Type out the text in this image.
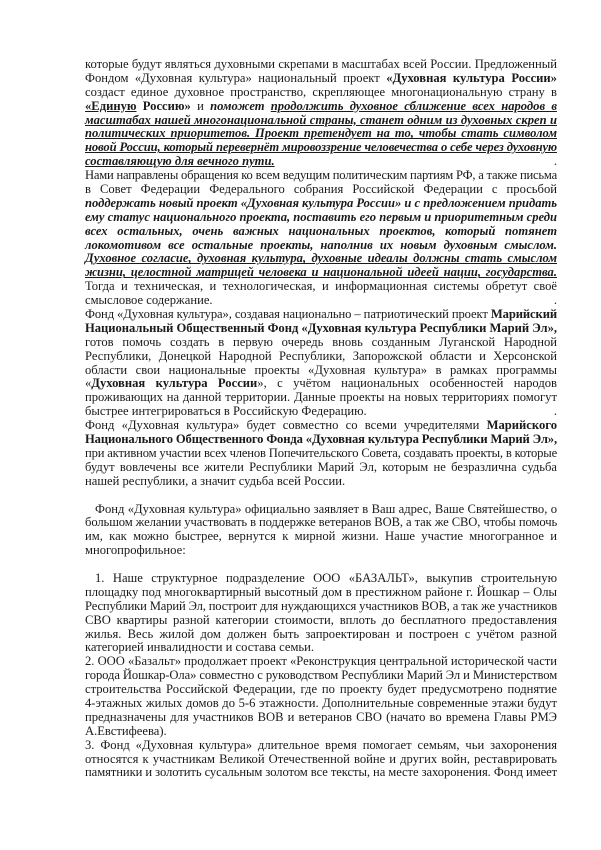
которые будут являться духовными скрепами в масштабах всей России. Предложенный
Фондом «Духовная культура» национальный проект «Духовная культура России»
создаст единое духовное пространство, скрепляющее многонациональную страну в
«Единую Россию» и поможет продолжить духовное сближение всех народов в
масштабах нашей многонациональной страны, станет одним из духовных скреп и
политических приоритетов. Проект претендует на то, чтобы стать символом
новой России, который перевернёт мировоззрение человечества о себе через духовную
составляющую для вечного пути.	.
Нами направлены обращения ко всем ведущим политическим партиям РФ, а также письма
в Совет Федерации Федерального собрания Российской Федерации с просьбой
поддержать новый проект «Духовная культура России» и с предложением придать
ему статус национального проекта, поставить его первым и приоритетным среди
всех остальных, очень важных национальных проектов, который потянет
локомотивом все остальные проекты, наполнив их новым духовным смыслом.
Духовное согласие, духовная культура, духовные идеалы должны стать смыслом
жизни, целостной матрицей человека и национальной идеей нации, государства.
Тогда и техническая, и технологическая, и информационная системы обретут своё
смысловое содержание.	.
Фонд «Духовная культура», создавая национально – патриотический проект Марийский
Национальный Общественный Фонд «Духовная культура Республики Марий Эл»,
готов помочь создать в первую очередь вновь созданным Луганской Народной
Республики, Донецкой Народной Республики, Запорожской области и Херсонской
области свои национальные проекты «Духовная культура» в рамках программы
«Духовная культура России», с учётом национальных особенностей народов
проживающих на данной территории. Данные проекты на новых территориях помогут
быстрее интегрироваться в Российскую Федерацию.	.
Фонд «Духовная культура» будет совместно со всеми учредителями Марийского
Национального Общественного Фонда «Духовная культура Республики Марий Эл»,
при активном участии всех членов Попечительского Совета, создавать проекты, в которые
будут вовлечены все жители Республики Марий Эл, которым не безразлична судьба
нашей республики, а значит судьба всей России.
Фонд «Духовная культура» официально заявляет в Ваш адрес, Ваше Святейшество, о
большом желании участвовать в поддержке ветеранов ВОВ, а так же СВО, чтобы помочь
им, как можно быстрее, вернутся к мирной жизни. Наше участие многогранное и
многопрофильное:
1. Наше структурное подразделение ООО «БАЗАЛЬТ», выкупив строительную
площадку под многоквартирный высотный дом в престижном районе г. Йошкар – Олы
Республики Марий Эл, построит для нуждающихся участников ВОВ, а так же участников
СВО квартиры разной категории стоимости, вплоть до бесплатного предоставления
жилья. Весь жилой дом должен быть запроектирован и построен с учётом разной
категорией инвалидности и состава семьи.
2. ООО «Базальт» продолжает проект «Реконструкция центральной исторической части
города Йошкар-Ола» совместно с руководством Республики Марий Эл и Министерством
строительства Российской Федерации, где по проекту будет предусмотрено поднятие
4-этажных жилых домов до 5-6 этажности. Дополнительные современные этажи будут
предназначены для участников ВОВ и ветеранов СВО (начато во времена Главы РМЭ
А.Евстифеева).
3. Фонд «Духовная культура» длительное время помогает семьям, чьи захоронения
относятся к участникам Великой Отечественной войне и других войн, реставрировать
памятники и золотить сусальным золотом все тексты, на месте захоронения. Фонд имеет
